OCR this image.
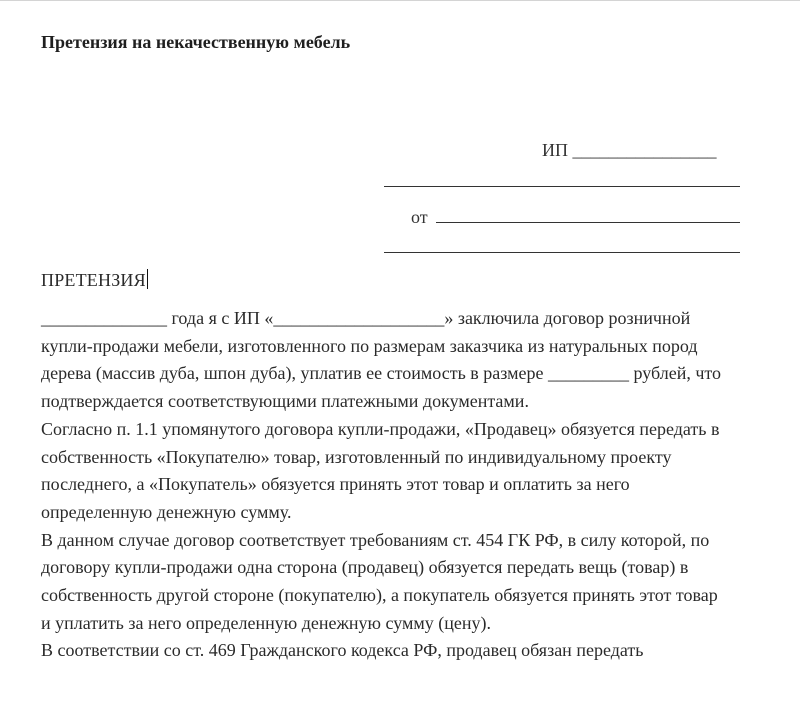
Претензия на некачественную мебель
ИП ________________
от
ПРЕТЕНЗИЯ

______________ года я с ИП «___________________» заключила договор розничной купли-продажи мебели, изготовленного по размерам заказчика из натуральных пород дерева (массив дуба, шпон дуба), уплатив ее стоимость в размере _________ рублей, что подтверждается соответствующими платежными документами.

Согласно п. 1.1 упомянутого договора купли-продажи, «Продавец» обязуется передать в собственность «Покупателю» товар, изготовленный по индивидуальному проекту последнего, а «Покупатель» обязуется принять этот товар и оплатить за него определенную денежную сумму.

В данном случае договор соответствует требованиям ст. 454 ГК РФ, в силу которой, по договору купли-продажи одна сторона (продавец) обязуется передать вещь (товар) в собственность другой стороне (покупателю), а покупатель обязуется принять этот товар и уплатить за него определенную денежную сумму (цену).

В соответствии со ст. 469 Гражданского кодекса РФ, продавец обязан передать
